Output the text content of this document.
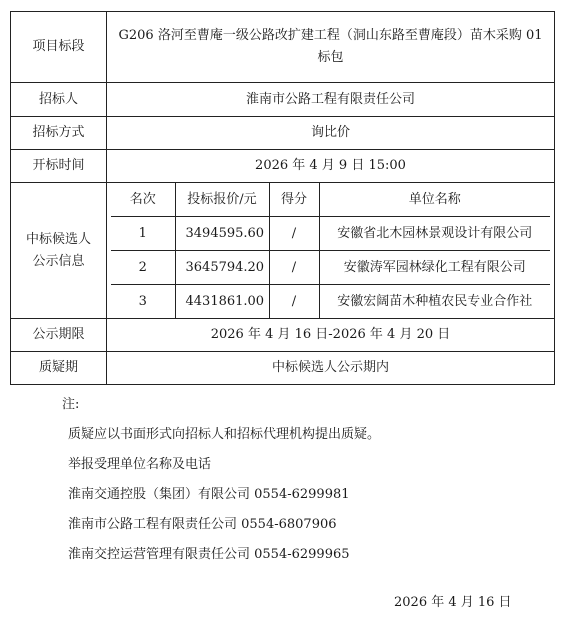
项目标段	G206 洛河至曹庵一级公路改扩建工程（洞山东路至曹庵段）苗木采购 01 标包
招标人	淮南市公路工程有限责任公司
招标方式	询比价
开标时间	2026 年 4 月 9 日 15:00

中标候选人
公示信息

名次	投标报价/元	得分	单位名称
1	3494595.60	/	安徽省北木园林景观设计有限公司
2	3645794.20	/	安徽涛军园林绿化工程有限公司
3	4431861.00	/	安徽宏阔苗木种植农民专业合作社

公示期限	2026 年 4 月 16 日-2026 年 4 月 20 日
质疑期	中标候选人公示期内
注:
质疑应以书面形式向招标人和招标代理机构提出质疑。
举报受理单位名称及电话
淮南交通控股（集团）有限公司 0554-6299981
淮南市公路工程有限责任公司 0554-6807906
淮南交控运营管理有限责任公司 0554-6299965
2026 年 4 月 16 日
